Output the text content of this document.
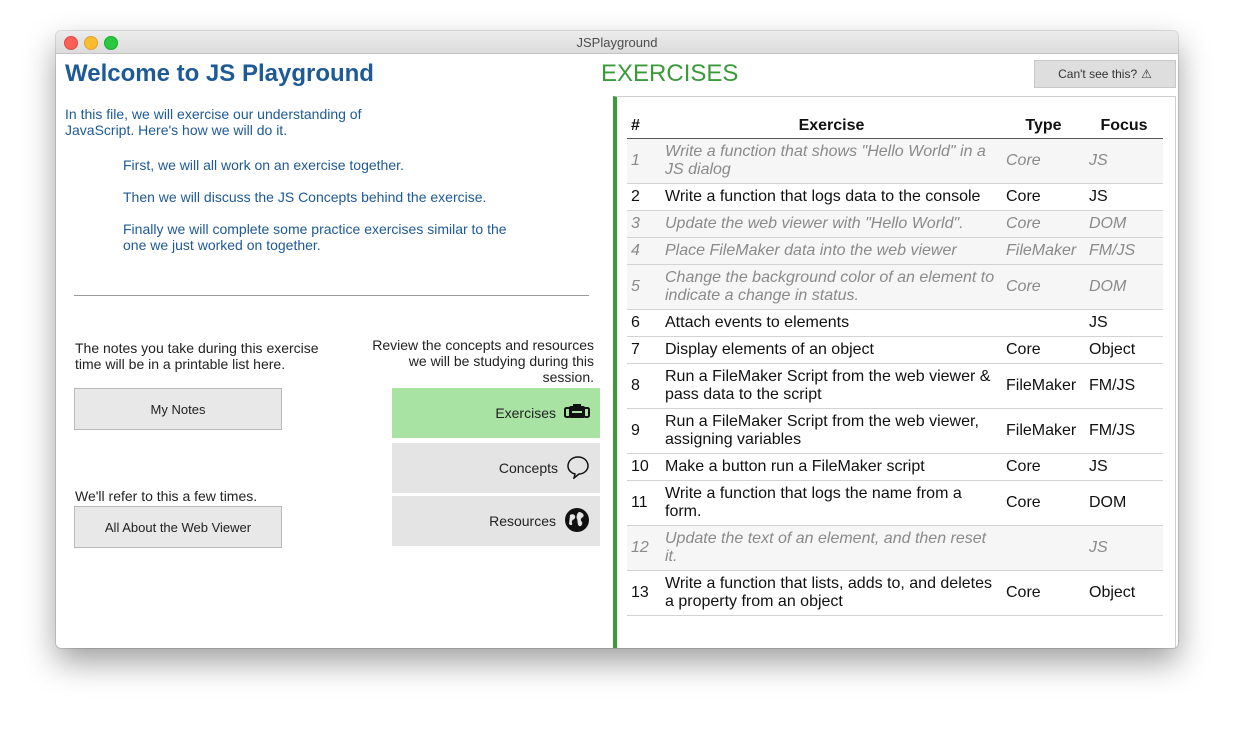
JSPlayground
Welcome to JS Playground

In this file, we will exercise our understanding of JavaScript. Here's how we will do it.

First, we will all work on an exercise together.

Then we will discuss the JS Concepts behind the exercise.

Finally we will complete some practice exercises similar to the one we just worked on together.

The notes you take during this exercise time will be in a printable list here.

My Notes

Review the concepts and resources we will be studying during this session.

Exercises
Concepts
Resources

We'll refer to this a few times.

All About the Web Viewer
EXERCISES	Can't see this? ⚠
#	Exercise	Type	Focus
1	Write a function that shows "Hello World" in a JS dialog	Core	JS
2	Write a function that logs data to the console	Core	JS
3	Update the web viewer with "Hello World".	Core	DOM
4	Place FileMaker data into the web viewer	FileMaker	FM/JS
5	Change the background color of an element to indicate a change in status.	Core	DOM
6	Attach events to elements		JS
7	Display elements of an object	Core	Object
8	Run a FileMaker Script from the web viewer & pass data to the script	FileMaker	FM/JS
9	Run a FileMaker Script from the web viewer, assigning variables	FileMaker	FM/JS
10	Make a button run a FileMaker script	Core	JS
11	Write a function that logs the name from a form.	Core	DOM
12	Update the text of an element, and then reset it.		JS
13	Write a function that lists, adds to, and deletes a property from an object	Core	Object
